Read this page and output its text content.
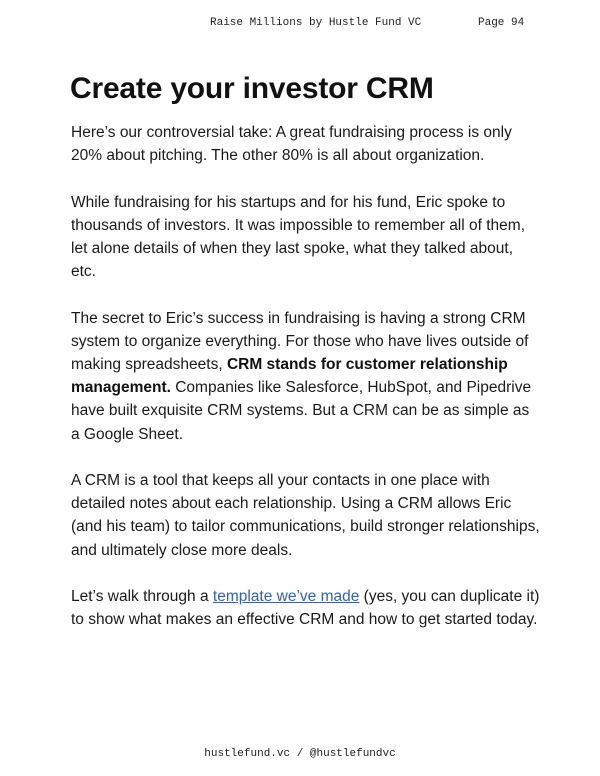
Raise Millions by Hustle Fund VC	Page 94
Create your investor CRM

Here’s our controversial take: A great fundraising process is only 20% about pitching. The other 80% is all about organization.

While fundraising for his startups and for his fund, Eric spoke to thousands of investors. It was impossible to remember all of them, let alone details of when they last spoke, what they talked about, etc.

The secret to Eric’s success in fundraising is having a strong CRM system to organize everything. For those who have lives outside of making spreadsheets, CRM stands for customer relationship management. Companies like Salesforce, HubSpot, and Pipedrive have built exquisite CRM systems. But a CRM can be as simple as a Google Sheet.

A CRM is a tool that keeps all your contacts in one place with detailed notes about each relationship. Using a CRM allows Eric (and his team) to tailor communications, build stronger relationships, and ultimately close more deals.

Let’s walk through a template we’ve made (yes, you can duplicate it) to show what makes an effective CRM and how to get started today.

hustlefund.vc / @hustlefundvc
